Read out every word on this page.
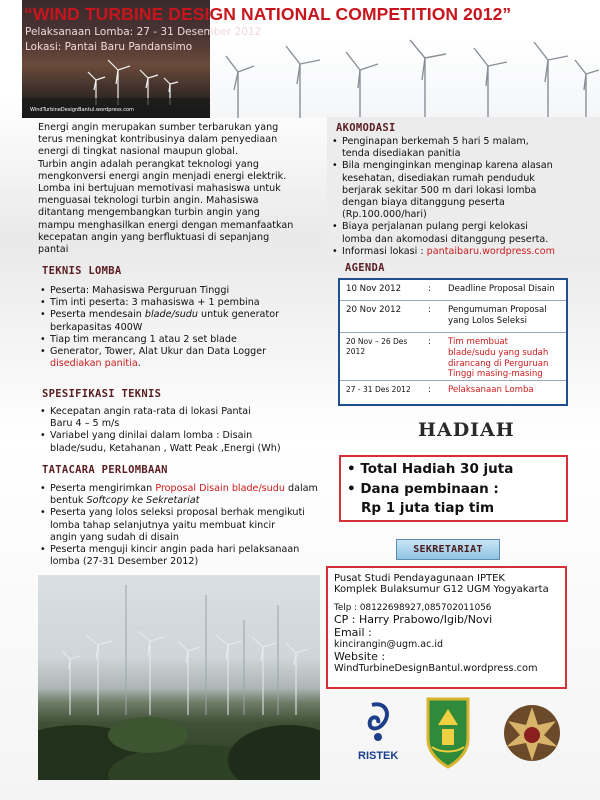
“WIND TURBINE DESIGN NATIONAL COMPETITION 2012”
Pelaksanaan Lomba: 27 - 31 Desember 2012
Lokasi: Pantai Baru Pandansimo
WindTurbineDesignBantul.wordpress.com

Energi angin merupakan sumber terbarukan yang

terus meningkat kontribusinya dalam penyediaan

energi di tingkat nasional maupun global.

Turbin angin adalah perangkat teknologi yang

mengkonversi energi angin menjadi energi elektrik.

Lomba ini bertujuan memotivasi mahasiswa untuk

menguasai teknologi turbin angin. Mahasiswa

ditantang mengembangkan turbin angin yang

mampu menghasilkan energi dengan memanfaatkan

kecepatan angin yang berfluktuasi di sepanjang

pantai

TEKNIS LOMBA
• Peserta: Mahasiswa Perguruan Tinggi
• Tim inti peserta: 3 mahasiswa + 1 pembina
• Peserta mendesain blade/sudu untuk generator
berkapasitas 400W
• Tiap tim merancang 1 atau 2 set blade
• Generator, Tower, Alat Ukur dan Data Logger
disediakan panitia.
SPESIFIKASI TEKNIS
• Kecepatan angin rata-rata di lokasi Pantai
Baru 4 – 5 m/s
• Variabel yang dinilai dalam lomba : Disain
blade/sudu, Ketahanan , Watt Peak ,Energi (Wh)
TATACARA PERLOMBAAN
• Peserta mengirimkan Proposal Disain blade/sudu dalam
bentuk Softcopy ke Sekretariat
• Peserta yang lolos seleksi proposal berhak mengikuti
lomba tahap selanjutnya yaitu membuat kincir
angin yang sudah di disain
• Peserta menguji kincir angin pada hari pelaksanaan
lomba (27-31 Desember 2012)
AKOMODASI
• Penginapan berkemah 5 hari 5 malam,
tenda disediakan panitia
• Bila menginginkan menginap karena alasan
kesehatan, disediakan rumah penduduk
berjarak sekitar 500 m dari lokasi lomba
dengan biaya ditanggung peserta
(Rp.100.000/hari)
• Biaya perjalanan pulang pergi kelokasi
lomba dan akomodasi ditanggung peserta.
• Informasi lokasi : pantaibaru.wordpress.com
AGENDA
10 Nov 2012	:	Deadline Proposal Disain
20 Nov 2012	:	Pengumuman Proposal
yang Lolos Seleksi
20 Nov – 26 Des 2012
:	Tim membuat
blade/sudu yang sudah
dirancang di Perguruan
Tinggi masing-masing
27 - 31 Des 2012	:	Pelaksanaan Lomba
HADIAH
• Total Hadiah 30 juta
• Dana pembinaan :
Rp 1 juta tiap tim
SEKRETARIAT
Pusat Studi Pendayagunaan IPTEK
Komplek Bulaksumur G12 UGM Yogyakarta
Telp : 08122698927,085702011056
CP : Harry Prabowo/Igib/Novi
Email :
kincirangin@ugm.ac.id
Website :
WindTurbineDesignBantul.wordpress.com
RISTEK
